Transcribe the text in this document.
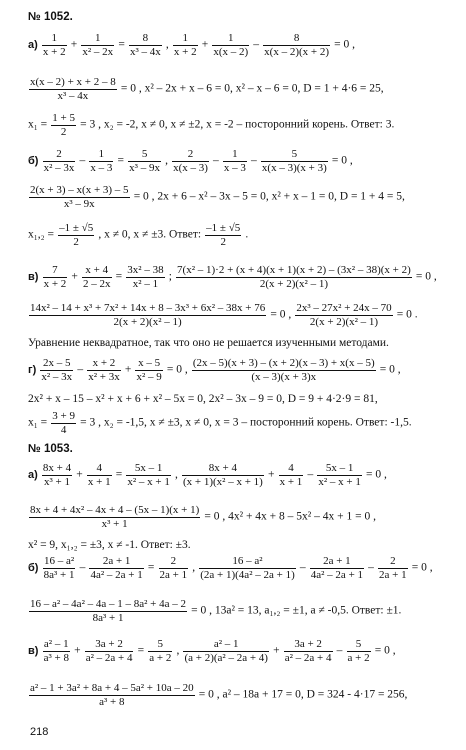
№ 1052.
$а) \frac{1}{x + 2} + \frac{1}{\text{x² – 2x}} = \frac{8}{\text{x³ – 4x}}$ , $\frac{1}{x + 2} + \frac{1}{x(x - 2)} - \frac{8}{x(x - 2)(x + 2)} = 0$ ,
$\frac{x(x - 2) + x + 2 - 8}{\text{x³ – 4x}} = 0$ , x² – 2x + x – 6 = 0, x² – x – 6 = 0, D = 1 + 4·6 = 25,
$x_1 = \frac{1 + 5}{2} = 3$ , x₂ = -2, x ≠ 0, x ≠ ±2, x = -2 – посторонний корень. Ответ: 3.
$б) \frac{2}{\text{x² – 3x}} - \frac{1}{x - 3} = \frac{5}{\text{x³ – 9x}}$ , $\frac{2}{x(x - 3)} - \frac{1}{x - 3} - \frac{5}{x(x - 3)(x + 3)} = 0$ ,
$\frac{2(x + 3) - x(x + 3) - 5}{\text{x³ – 9x}} = 0$ , 2x + 6 – x² – 3x – 5 = 0, x² + x – 1 = 0, D = 1 + 4 = 5,
$x_1,_2 = \frac{-1 \pm √5}{2}$ , x ≠ 0, x ≠ ±3. Ответ: $\frac{-1 \pm √5}{2}$ .
$в) \frac{7}{x + 2} + \frac{x + 4}{2 - 2x} = \frac{\text{3x² – 38}}{\text{x² – 1}}$ ; $\frac{\text{7(x² – 1)·2 + (x + 4)(x + 1)(x + 2) – (3x² – 38)(x + 2)}}{\text{2(x + 2)(x² – 1)}} = 0$ ,
$\frac{\text{14x² – 14 + x³ + 7x² + 14x + 8 – 3x³ + 6x² – 38x + 76}}{\text{2(x + 2)(x² – 1)}} = 0$ , $\frac{\text{2x³ – 27x² + 24x – 70}}{\text{2(x + 2)(x² – 1)}} = 0$ .
Уравнение неквадратное, так что оно не решается изученными методами.
$г) \frac{2x - 5}{\text{x² – 3x}} - \frac{x + 2}{\text{x² + 3x}} + \frac{x - 5}{\text{x² – 9}} = 0$ , $\frac{(2x - 5)(x + 3) - (x + 2)(x - 3) + x(x - 5)}{(x - 3)(x + 3)x} = 0$ ,
2x² + x – 15 – x² + x + 6 + x² – 5x = 0, 2x² – 3x – 9 = 0, D = 9 + 4·2·9 = 81,
$x_1 = \frac{3 + 9}{4} = 3$ , x₂ = -1,5, x ≠ ±3, x ≠ 0, x = 3 – посторонний корень. Ответ: -1,5.
№ 1053.
$а) \frac{8x + 4}{\text{x³ + 1}} + \frac{4}{x + 1} = \frac{5x - 1}{\text{x² – x + 1}}$ , $\frac{8x + 4}{\text{(x + 1)(x² – x + 1)}} + \frac{4}{x + 1} - \frac{5x - 1}{\text{x² – x + 1}} = 0$ ,
$\frac{\text{8x + 4 + 4x² – 4x + 4 – (5x – 1)(x + 1)}}{\text{x³ + 1}} = 0$ , 4x² + 4x + 8 – 5x² – 4x + 1 = 0 ,
x² = 9, x₁,₂ = ±3, x ≠ -1. Ответ: ±3.
$б) \frac{\text{16 – a²}}{\text{8a³ + 1}} - \frac{2a + 1}{\text{4a² – 2a + 1}} = \frac{2}{2a + 1}$ , $\frac{\text{16 – a²}}{\text{(2a + 1)(4a² – 2a + 1)}} - \frac{2a + 1}{\text{4a² – 2a + 1}} - \frac{2}{2a + 1} = 0$ ,
$\frac{\text{16 – a² – 4a² – 4a – 1 – 8a² + 4a – 2}}{\text{8a³ + 1}} = 0$ , 13a² = 13, a₁,₂ = ±1, a ≠ -0,5. Ответ: ±1.
$в) \frac{\text{a² – 1}}{\text{a³ + 8}} + \frac{3a + 2}{\text{a² – 2a + 4}} = \frac{5}{a + 2}$ , $\frac{\text{a² – 1}}{\text{(a + 2)(a² – 2a + 4)}} + \frac{3a + 2}{\text{a² – 2a + 4}} - \frac{5}{a + 2} = 0$ ,
$\frac{\text{a² – 1 + 3a² + 8a + 4 – 5a² + 10a – 20}}{\text{a³ + 8}} = 0$ , a² – 18a + 17 = 0, D = 324 - 4·17 = 256,
218
